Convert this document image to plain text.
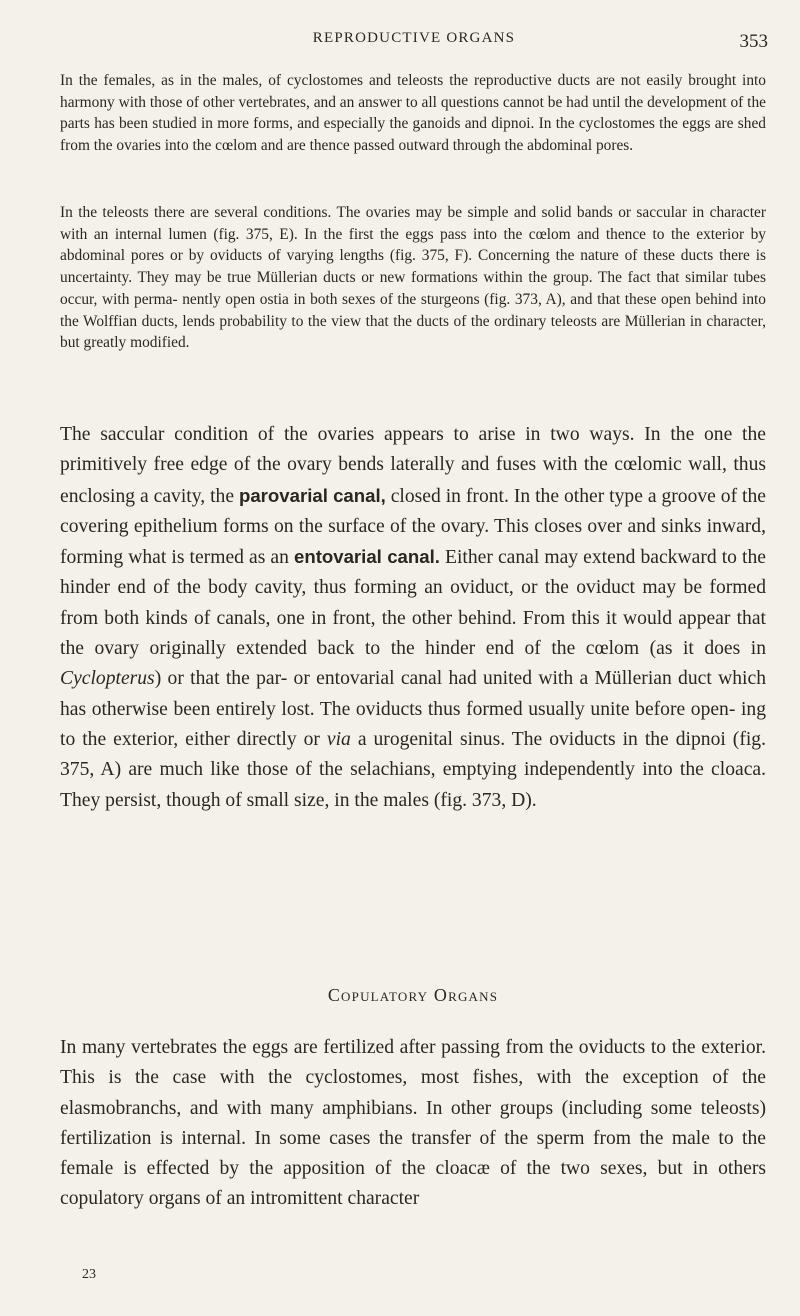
REPRODUCTIVE ORGANS	353

In the females, as in the males, of cyclostomes and teleosts the reproductive ducts are not easily brought into harmony with those of other vertebrates, and an answer to all questions cannot be had until the development of the parts has been studied in more forms, and especially the ganoids and dipnoi. In the cyclostomes the eggs are shed from the ovaries into the cœlom and are thence passed outward through the abdominal pores.

In the teleosts there are several conditions. The ovaries may be simple and solid bands or saccular in character with an internal lumen (fig. 375, E). In the first the eggs pass into the cœlom and thence to the exterior by abdominal pores or by oviducts of varying lengths (fig. 375, F). Concerning the nature of these ducts there is uncertainty. They may be true Müllerian ducts or new formations within the group. The fact that similar tubes occur, with perma- nently open ostia in both sexes of the sturgeons (fig. 373, A), and that these open behind into the Wolffian ducts, lends probability to the view that the ducts of the ordinary teleosts are Müllerian in character, but greatly modified.

The saccular condition of the ovaries appears to arise in two ways. In the one the primitively free edge of the ovary bends laterally and fuses with the cœlomic wall, thus enclosing a cavity, the parovarial canal, closed in front. In the other type a groove of the covering epithelium forms on the surface of the ovary. This closes over and sinks inward, forming what is termed as an entovarial canal. Either canal may extend backward to the hinder end of the body cavity, thus forming an oviduct, or the oviduct may be formed from both kinds of canals, one in front, the other behind. From this it would appear that the ovary originally extended back to the hinder end of the cœlom (as it does in Cyclopterus) or that the par- or entovarial canal had united with a Müllerian duct which has otherwise been entirely lost. The oviducts thus formed usually unite before open- ing to the exterior, either directly or via a urogenital sinus. The oviducts in the dipnoi (fig. 375, A) are much like those of the selachians, emptying independently into the cloaca. They persist, though of small size, in the males (fig. 373, D).

Copulatory Organs

In many vertebrates the eggs are fertilized after passing from the oviducts to the exterior. This is the case with the cyclostomes, most fishes, with the exception of the elasmobranchs, and with many amphibians. In other groups (including some teleosts) fertilization is internal. In some cases the transfer of the sperm from the male to the female is effected by the apposition of the cloacæ of the two sexes, but in others copulatory organs of an intromittent character

23
